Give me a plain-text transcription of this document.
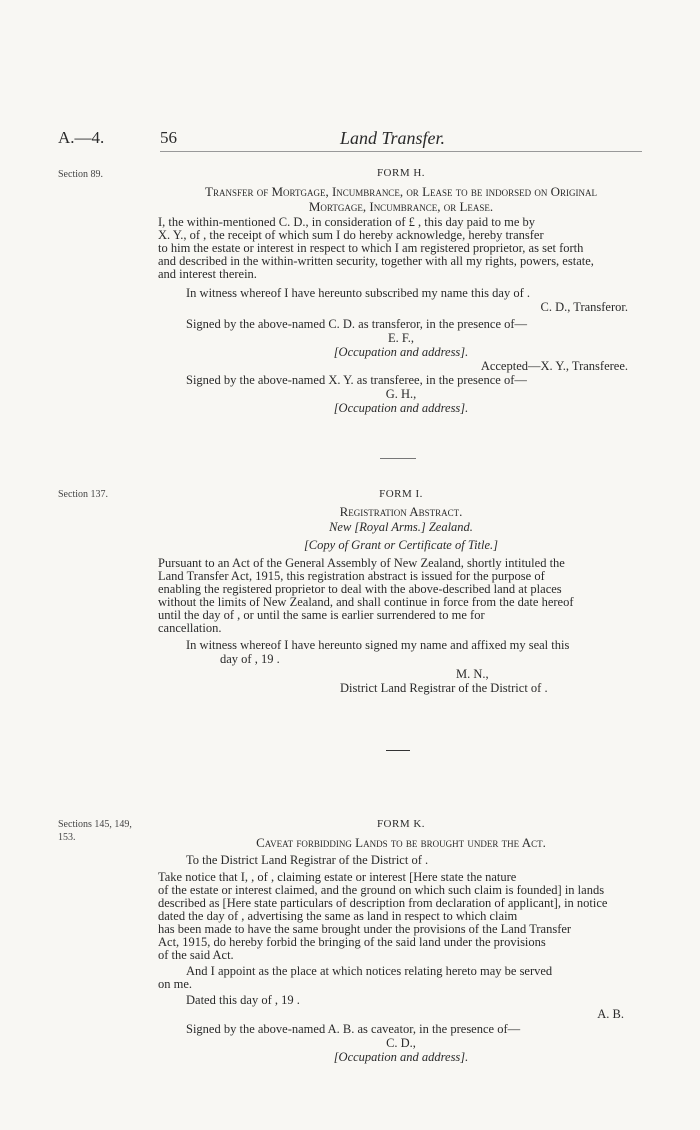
A.—4.	56	Land Transfer.
Section 89.	FORM H.
Transfer of Mortgage, Incumbrance, or Lease to be indorsed on Original
Mortgage, Incumbrance, or Lease.
I, the within-mentioned C. D., in consideration of £ , this day paid to me by
X. Y., of , the receipt of which sum I do hereby acknowledge, hereby transfer
to him the estate or interest in respect to which I am registered proprietor, as set forth
and described in the within-written security, together with all my rights, powers, estate,
and interest therein.
In witness whereof I have hereunto subscribed my name this day of .
C. D., Transferor.
Signed by the above-named C. D. as transferor, in the presence of—
E. F.,
[Occupation and address].
Accepted—X. Y., Transferee.
Signed by the above-named X. Y. as transferee, in the presence of—
G. H.,
[Occupation and address].
Section 137.	FORM I.
Registration Abstract.
New [Royal Arms.] Zealand.
[Copy of Grant or Certificate of Title.]
Pursuant to an Act of the General Assembly of New Zealand, shortly intituled the
Land Transfer Act, 1915, this registration abstract is issued for the purpose of
enabling the registered proprietor to deal with the above-described land at places
without the limits of New Zealand, and shall continue in force from the date hereof
until the day of , or until the same is earlier surrendered to me for
cancellation.
In witness whereof I have hereunto signed my name and affixed my seal this
day of , 19 .
M. N.,
District Land Registrar of the District of .
Sections 145, 149, 153.
FORM K.
Caveat forbidding Lands to be brought under the Act.
To the District Land Registrar of the District of .
Take notice that I, , of , claiming estate or interest [Here state the nature
of the estate or interest claimed, and the ground on which such claim is founded] in lands
described as [Here state particulars of description from declaration of applicant], in notice
dated the day of , advertising the same as land in respect to which claim
has been made to have the same brought under the provisions of the Land Transfer
Act, 1915, do hereby forbid the bringing of the said land under the provisions
of the said Act.
And I appoint as the place at which notices relating hereto may be served
on me.
Dated this day of , 19 .
A. B.
Signed by the above-named A. B. as caveator, in the presence of—
C. D.,
[Occupation and address].
